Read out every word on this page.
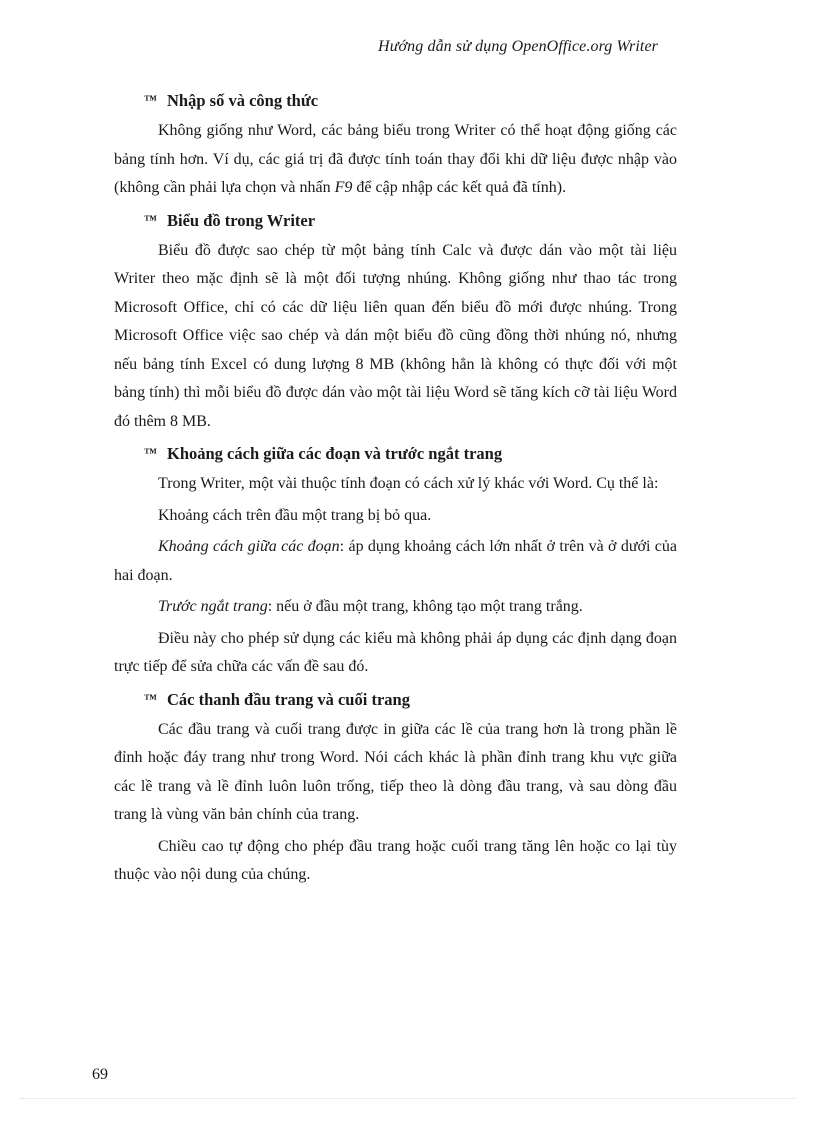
Hướng dẫn sử dụng OpenOffice.org Writer
™ Nhập số và công thức

Không giống như Word, các bảng biểu trong Writer có thể hoạt động giống các bảng tính hơn. Ví dụ, các giá trị đã được tính toán thay đổi khi dữ liệu được nhập vào (không cần phải lựa chọn và nhấn F9 để cập nhập các kết quả đã tính).

™ Biểu đồ trong Writer

Biểu đồ được sao chép từ một bảng tính Calc và được dán vào một tài liệu Writer theo mặc định sẽ là một đối tượng nhúng. Không giống như thao tác trong Microsoft Office, chỉ có các dữ liệu liên quan đến biểu đồ mới được nhúng. Trong Microsoft Office việc sao chép và dán một biểu đồ cũng đồng thời nhúng nó, nhưng nếu bảng tính Excel có dung lượng 8 MB (không hẳn là không có thực đối với một bảng tính) thì mỗi biểu đồ được dán vào một tài liệu Word sẽ tăng kích cỡ tài liệu Word đó thêm 8 MB.

™ Khoảng cách giữa các đoạn và trước ngắt trang

Trong Writer, một vài thuộc tính đoạn có cách xử lý khác với Word. Cụ thể là:

Khoảng cách trên đầu một trang bị bỏ qua.

Khoảng cách giữa các đoạn: áp dụng khoảng cách lớn nhất ở trên và ở dưới của hai đoạn.

Trước ngắt trang: nếu ở đầu một trang, không tạo một trang trắng.

Điều này cho phép sử dụng các kiểu mà không phải áp dụng các định dạng đoạn trực tiếp để sửa chữa các vấn đề sau đó.

™ Các thanh đầu trang và cuối trang

Các đầu trang và cuối trang được in giữa các lề của trang hơn là trong phần lề đỉnh hoặc đáy trang như trong Word. Nói cách khác là phần đỉnh trang khu vực giữa các lề trang và lề đỉnh luôn luôn trống, tiếp theo là dòng đầu trang, và sau dòng đầu trang là vùng văn bản chính của trang.

Chiều cao tự động cho phép đầu trang hoặc cuối trang tăng lên hoặc co lại tùy thuộc vào nội dung của chúng.

69
